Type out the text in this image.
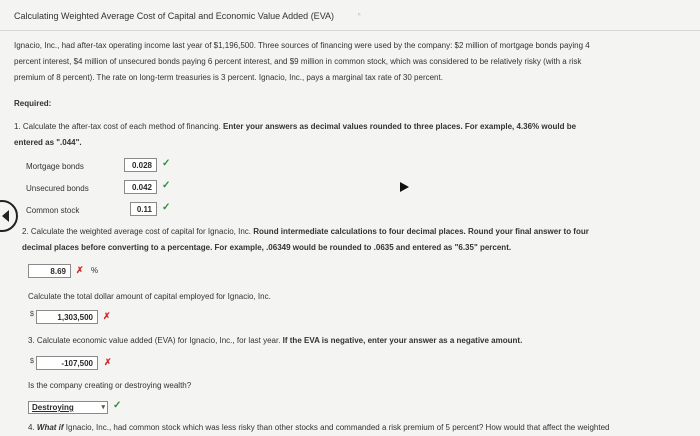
Calculating Weighted Average Cost of Capital and Economic Value Added (EVA)	ⁿ
Ignacio, Inc., had after-tax operating income last year of $1,196,500. Three sources of financing were used by the company: $2 million of mortgage bonds paying 4
percent interest, $4 million of unsecured bonds paying 6 percent interest, and $9 million in common stock, which was considered to be relatively risky (with a risk
premium of 8 percent). The rate on long-term treasuries is 3 percent. Ignacio, Inc., pays a marginal tax rate of 30 percent.
Required:
1. Calculate the after-tax cost of each method of financing. Enter your answers as decimal values rounded to three places. For example, 4.36% would be
entered as ".044".
Mortgage bonds	0.028	✓
Unsecured bonds	0.042	✓
Common stock	0.11	✓
2. Calculate the weighted average cost of capital for Ignacio, Inc. Round intermediate calculations to four decimal places. Round your final answer to four
decimal places before converting to a percentage. For example, .06349 would be rounded to .0635 and entered as "6.35" percent.
8.69	✗ %
Calculate the total dollar amount of capital employed for Ignacio, Inc.
$	1,303,500	✗
3. Calculate economic value added (EVA) for Ignacio, Inc., for last year. If the EVA is negative, enter your answer as a negative amount.
$	-107,500	✗
Is the company creating or destroying wealth?
Destroying	▾ ✓
4. What if Ignacio, Inc., had common stock which was less risky than other stocks and commanded a risk premium of 5 percent? How would that affect the weighted
